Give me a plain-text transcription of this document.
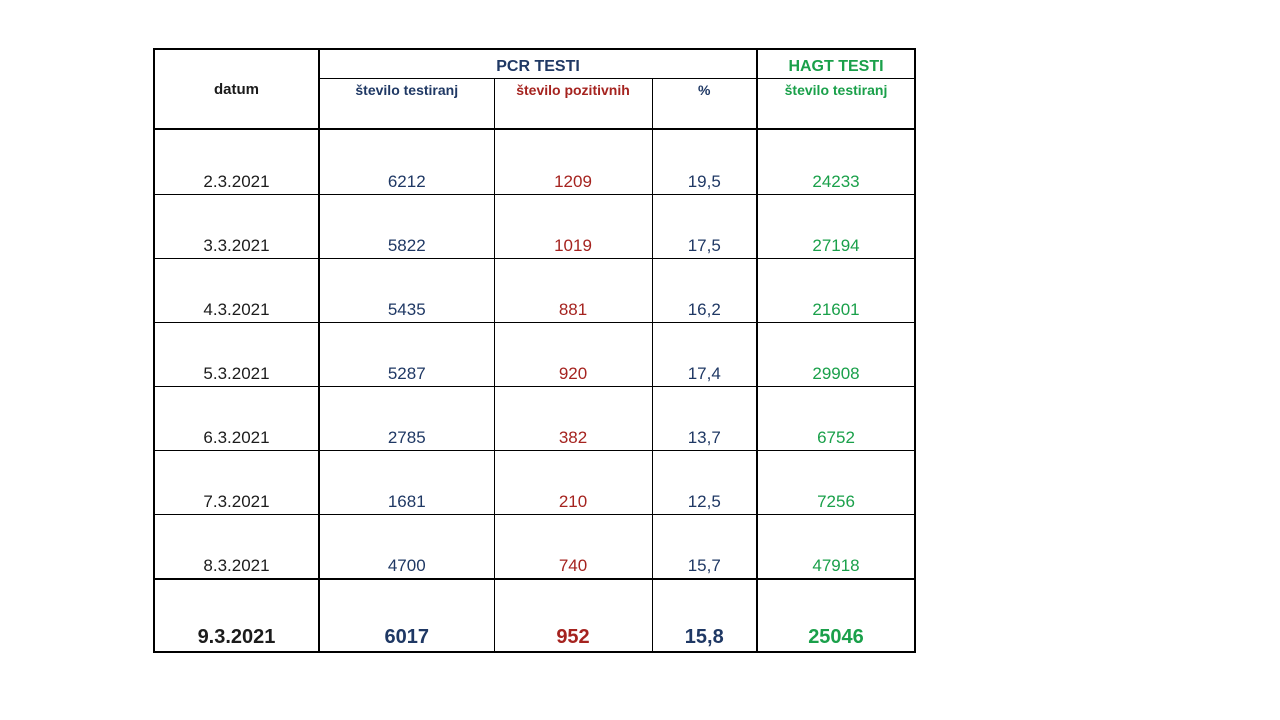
datum	PCR TESTI			HAGT TESTI
	število testiranj	število pozitivnih	%	število testiranj
2.3.2021	6212	1209	19,5	24233
3.3.2021	5822	1019	17,5	27194
4.3.2021	5435	881	16,2	21601
5.3.2021	5287	920	17,4	29908
6.3.2021	2785	382	13,7	6752
7.3.2021	1681	210	12,5	7256
8.3.2021	4700	740	15,7	47918
9.3.2021	6017	952	15,8	25046
